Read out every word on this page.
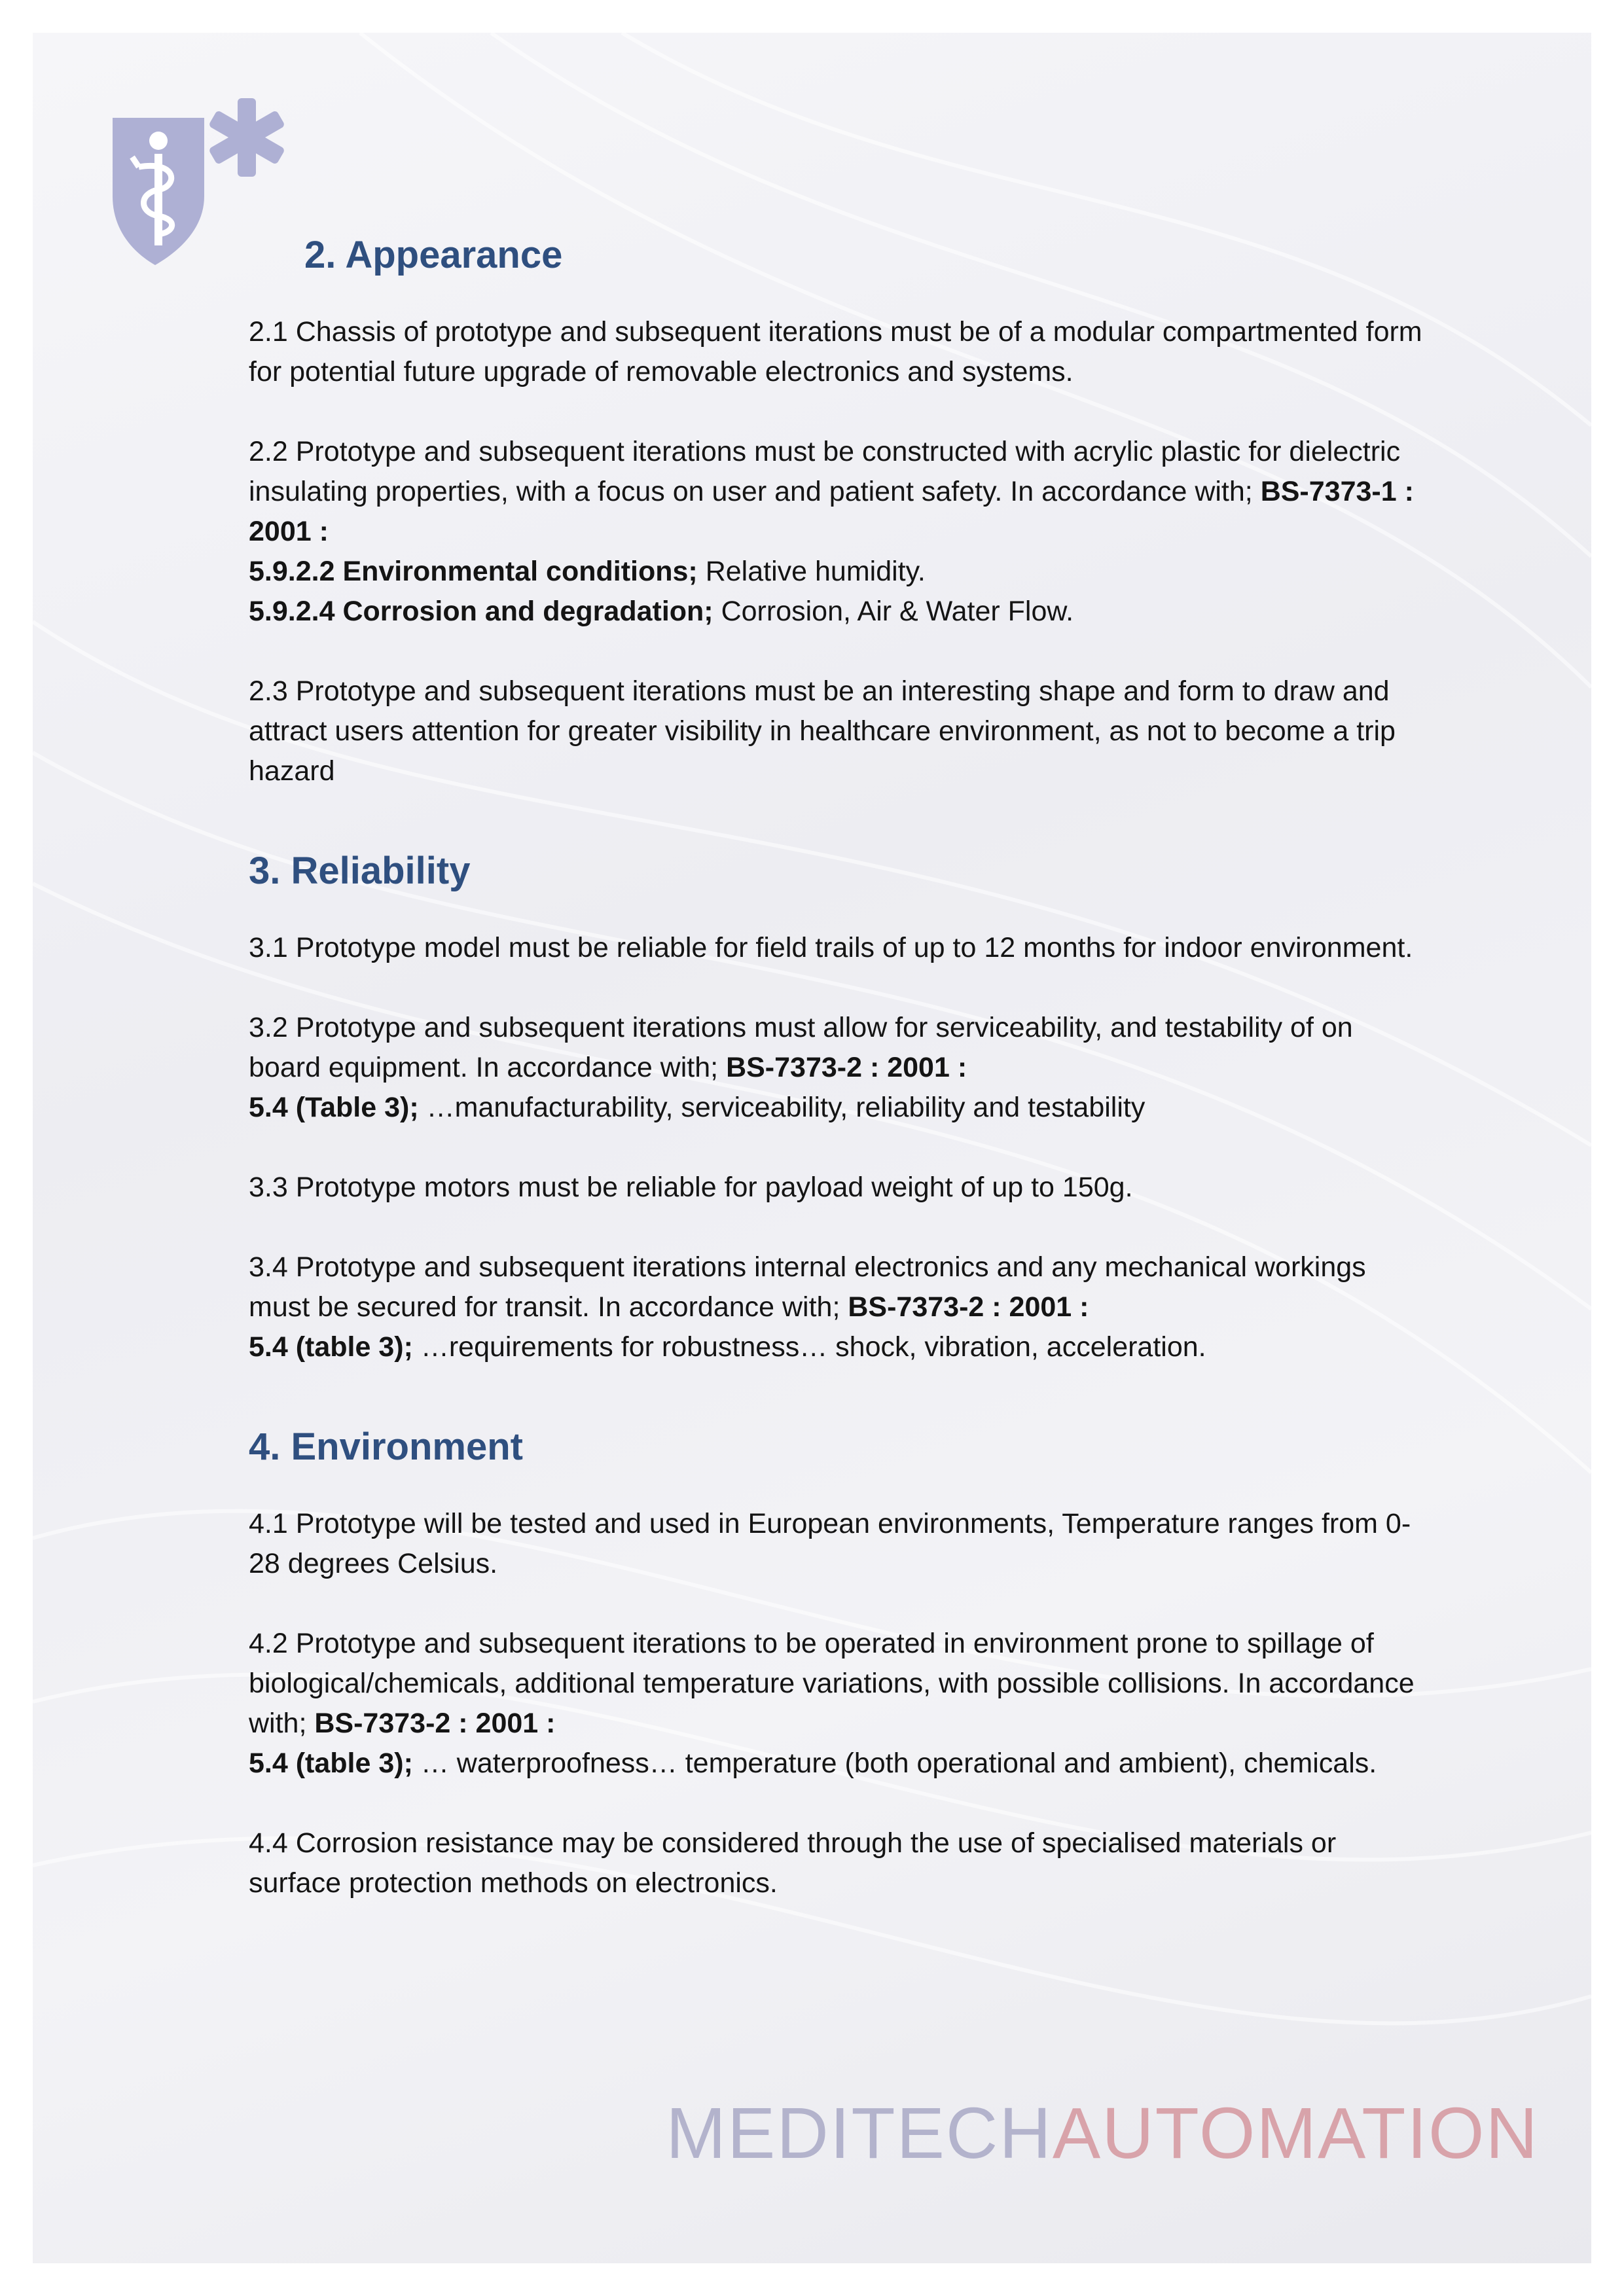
2. Appearance

2.1 Chassis of prototype and subsequent iterations must be of a modular compartmented form for potential future upgrade of removable electronics and systems.

2.2 Prototype and subsequent iterations must be constructed with acrylic plastic for dielectric insulating properties, with a focus on user and patient safety. In accordance with; BS-7373-1 : 2001 :
5.9.2.2 Environmental conditions; Relative humidity.
5.9.2.4 Corrosion and degradation; Corrosion, Air & Water Flow.

2.3 Prototype and subsequent iterations must be an interesting shape and form to draw and attract users attention for greater visibility in healthcare environment, as not to become a trip hazard

3. Reliability

3.1 Prototype model must be reliable for field trails of up to 12 months for indoor environment.

3.2 Prototype and subsequent iterations must allow for serviceability, and testability of on board equipment. In accordance with; BS-7373-2 : 2001 :
5.4 (Table 3); …manufacturability, serviceability, reliability and testability

3.3 Prototype motors must be reliable for payload weight of up to 150g.

3.4 Prototype and subsequent iterations internal electronics and any mechanical workings must be secured for transit. In accordance with; BS-7373-2 : 2001 :
5.4 (table 3); …requirements for robustness… shock, vibration, acceleration.

4. Environment

4.1 Prototype will be tested and used in European environments, Temperature ranges from 0-28 degrees Celsius.

4.2 Prototype and subsequent iterations to be operated in environment prone to spillage of biological/chemicals, additional temperature variations, with possible collisions. In accordance with; BS-7373-2 : 2001 :
5.4 (table 3); … waterproofness… temperature (both operational and ambient), chemicals.

4.4 Corrosion resistance may be considered through the use of specialised materials or surface protection methods on electronics.

MEDITECHAUTOMATION
